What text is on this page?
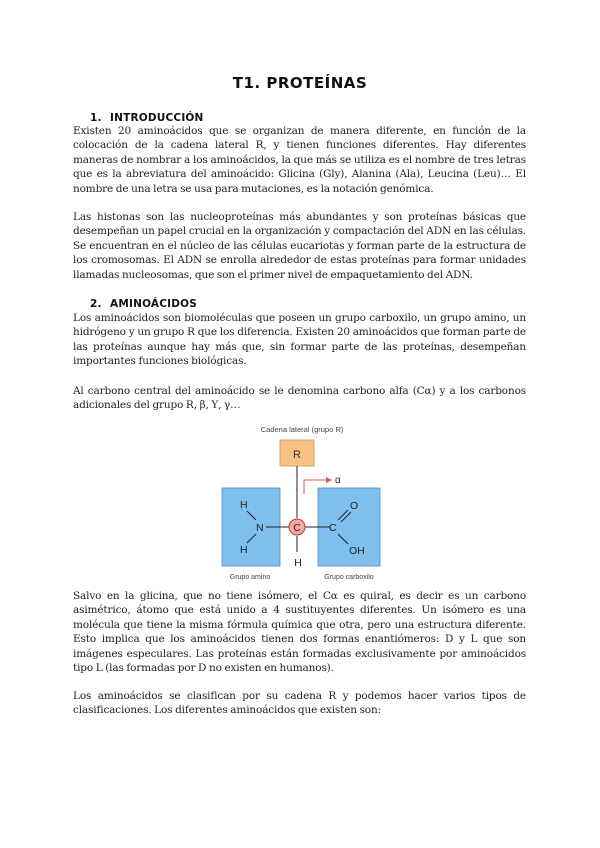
T1. PROTEÍNAS
1. INTRODUCCIÓN

Existen 20 aminoácidos que se organizan de manera diferente, en función de la colocación de la cadena lateral R, y tienen funciones diferentes. Hay diferentes maneras de nombrar a los aminoácidos, la que más se utiliza es el nombre de tres letras que es la abreviatura del aminoácido: Glicina (Gly), Alanina (Ala), Leucina (Leu)… El nombre de una letra se usa para mutaciones, es la notación genómica.

Las histonas son las nucleoproteínas más abundantes y son proteínas básicas que desempeñan un papel crucial en la organización y compactación del ADN en las células. Se encuentran en el núcleo de las células eucariotas y forman parte de la estructura de los cromosomas. El ADN se enrolla alrededor de estas proteínas para formar unidades llamadas nucleosomas, que son el primer nivel de empaquetamiento del ADN.

2. AMINOÁCIDOS

Los aminoácidos son biomoléculas que poseen un grupo carboxilo, un grupo amino, un hidrógeno y un grupo R que los diferencia. Existen 20 aminoácidos que forman parte de las proteínas aunque hay más que, sin formar parte de las proteínas, desempeñan importantes funciones biológicas.

Al carbono central del aminoácido se le denomina carbono alfa (Cα) y a los carbonos adicionales del grupo R, β, Υ, γ…

Cadena lateral (grupo R)
R
α
H
N
H
C
H
C
O
OH
Grupo amino	Grupo carboxilo

Salvo en la glicina, que no tiene isómero, el Cα es quiral, es decir es un carbono asimétrico, átomo que está unido a 4 sustituyentes diferentes. Un isómero es una molécula que tiene la misma fórmula química que otra, pero una estructura diferente. Esto implica que los aminoácidos tienen dos formas enantiómeros: D y L que son imágenes especulares. Las proteínas están formadas exclusivamente por aminoácidos tipo L (las formadas por D no existen en humanos).

Los aminoácidos se clasifican por su cadena R y podemos hacer varios tipos de clasificaciones. Los diferentes aminoácidos que existen son:
